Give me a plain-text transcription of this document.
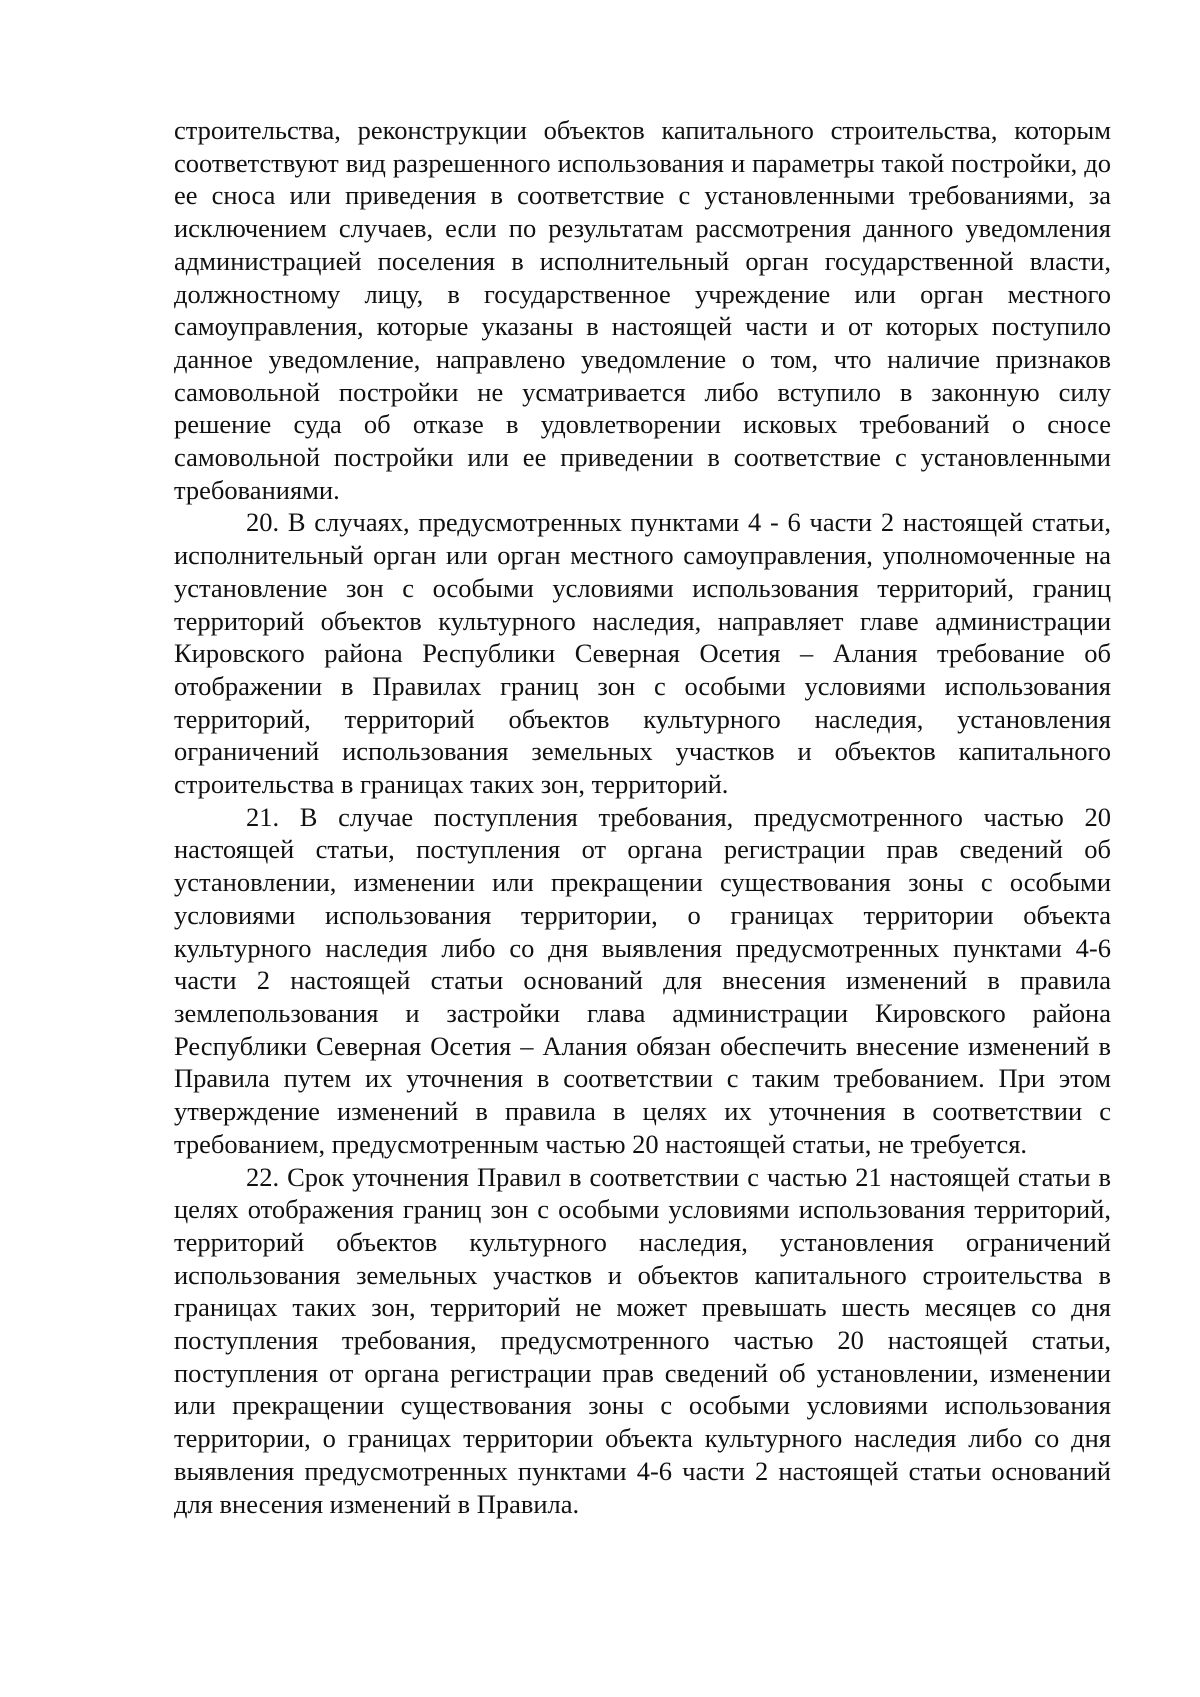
строительства, реконструкции объектов капитального строительства, которым соответствуют вид разрешенного использования и параметры такой постройки, до ее сноса или приведения в соответствие с установленными требованиями, за исключением случаев, если по результатам рассмотрения данного уведомления администрацией поселения в исполнительный орган государственной власти, должностному лицу, в государственное учреждение или орган местного самоуправления, которые указаны в настоящей части и от которых поступило данное уведомление, направлено уведомление о том, что наличие признаков самовольной постройки не усматривается либо вступило в законную силу решение суда об отказе в удовлетворении исковых требований о сносе самовольной постройки или ее приведении в соответствие с установленными требованиями.

20. В случаях, предусмотренных пунктами 4 - 6 части 2 настоящей статьи, исполнительный орган или орган местного самоуправления, уполномоченные на установление зон с особыми условиями использования территорий, границ территорий объектов культурного наследия, направляет главе администрации Кировского района Республики Северная Осетия – Алания требование об отображении в Правилах границ зон с особыми условиями использования территорий, территорий объектов культурного наследия, установления ограничений использования земельных участков и объектов капитального строительства в границах таких зон, территорий.

21. В случае поступления требования, предусмотренного частью 20 настоящей статьи, поступления от органа регистрации прав сведений об установлении, изменении или прекращении существования зоны с особыми условиями использования территории, о границах территории объекта культурного наследия либо со дня выявления предусмотренных пунктами 4-6 части 2 настоящей статьи оснований для внесения изменений в правила землепользования и застройки глава администрации Кировского района Республики Северная Осетия – Алания обязан обеспечить внесение изменений в Правила путем их уточнения в соответствии с таким требованием. При этом утверждение изменений в правила в целях их уточнения в соответствии с требованием, предусмотренным частью 20 настоящей статьи, не требуется.

22. Срок уточнения Правил в соответствии с частью 21 настоящей статьи в целях отображения границ зон с особыми условиями использования территорий, территорий объектов культурного наследия, установления ограничений использования земельных участков и объектов капитального строительства в границах таких зон, территорий не может превышать шесть месяцев со дня поступления требования, предусмотренного частью 20 настоящей статьи, поступления от органа регистрации прав сведений об установлении, изменении или прекращении существования зоны с особыми условиями использования территории, о границах территории объекта культурного наследия либо со дня выявления предусмотренных пунктами 4-6 части 2 настоящей статьи оснований для внесения изменений в Правила.
